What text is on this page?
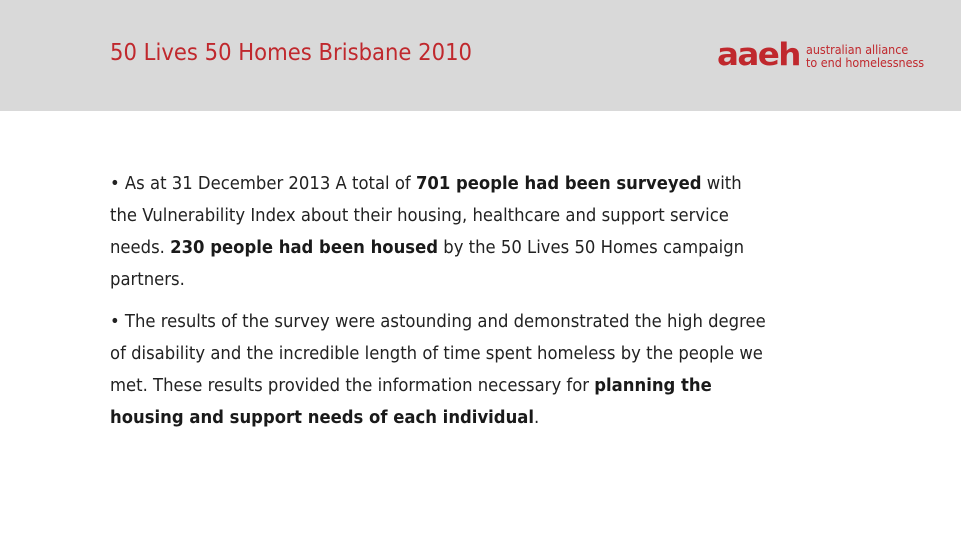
50 Lives 50 Homes Brisbane 2010	aaeh australian alliance
to end homelessness

• As at 31 December 2013 A total of 701 people had been surveyed with the Vulnerability Index about their housing, healthcare and support service needs. 230 people had been housed by the 50 Lives 50 Homes campaign partners.

• The results of the survey were astounding and demonstrated the high degree of disability and the incredible length of time spent homeless by the people we met. These results provided the information necessary for planning the housing and support needs of each individual.
